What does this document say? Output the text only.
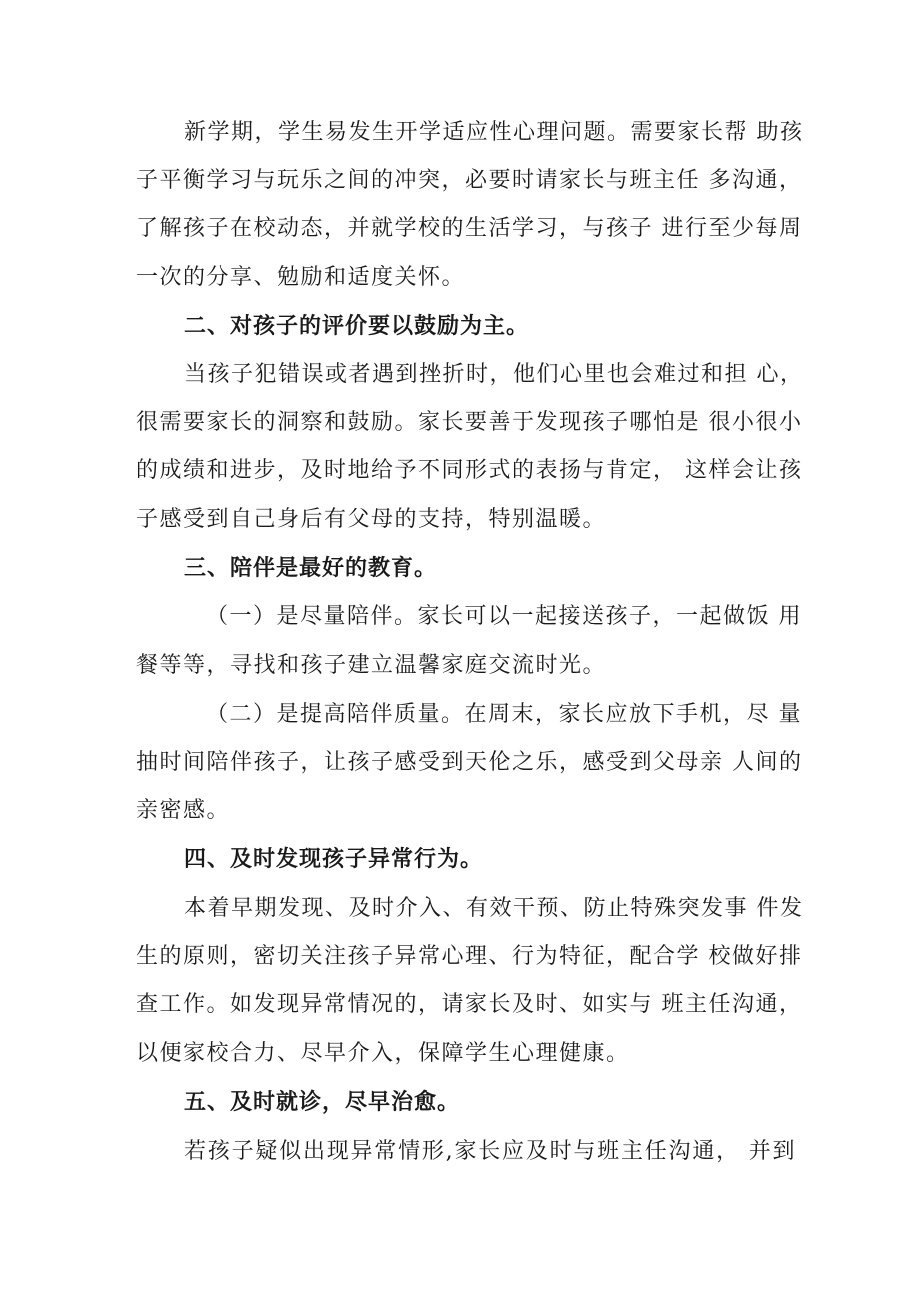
新学期，学生易发生开学适应性心理问题。需要家长帮 助孩
子平衡学习与玩乐之间的冲突，必要时请家长与班主任 多沟通，
了解孩子在校动态，并就学校的生活学习，与孩子 进行至少每周
一次的分享、勉励和适度关怀。
二、对孩子的评价要以鼓励为主。
当孩子犯错误或者遇到挫折时，他们心里也会难过和担 心，
很需要家长的洞察和鼓励。家长要善于发现孩子哪怕是 很小很小
的成绩和进步，及时地给予不同形式的表扬与肯定， 这样会让孩
子感受到自己身后有父母的支持，特别温暖。
三、陪伴是最好的教育。
（一）是尽量陪伴。家长可以一起接送孩子，一起做饭 用
餐等等，寻找和孩子建立温馨家庭交流时光。
（二）是提高陪伴质量。在周末，家长应放下手机，尽 量
抽时间陪伴孩子，让孩子感受到天伦之乐，感受到父母亲 人间的
亲密感。
四、及时发现孩子异常行为。
本着早期发现、及时介入、有效干预、防止特殊突发事 件发
生的原则，密切关注孩子异常心理、行为特征，配合学 校做好排
查工作。如发现异常情况的，请家长及时、如实与 班主任沟通，
以便家校合力、尽早介入，保障学生心理健康。
五、及时就诊，尽早治愈。
若孩子疑似出现异常情形,家长应及时与班主任沟通， 并到
